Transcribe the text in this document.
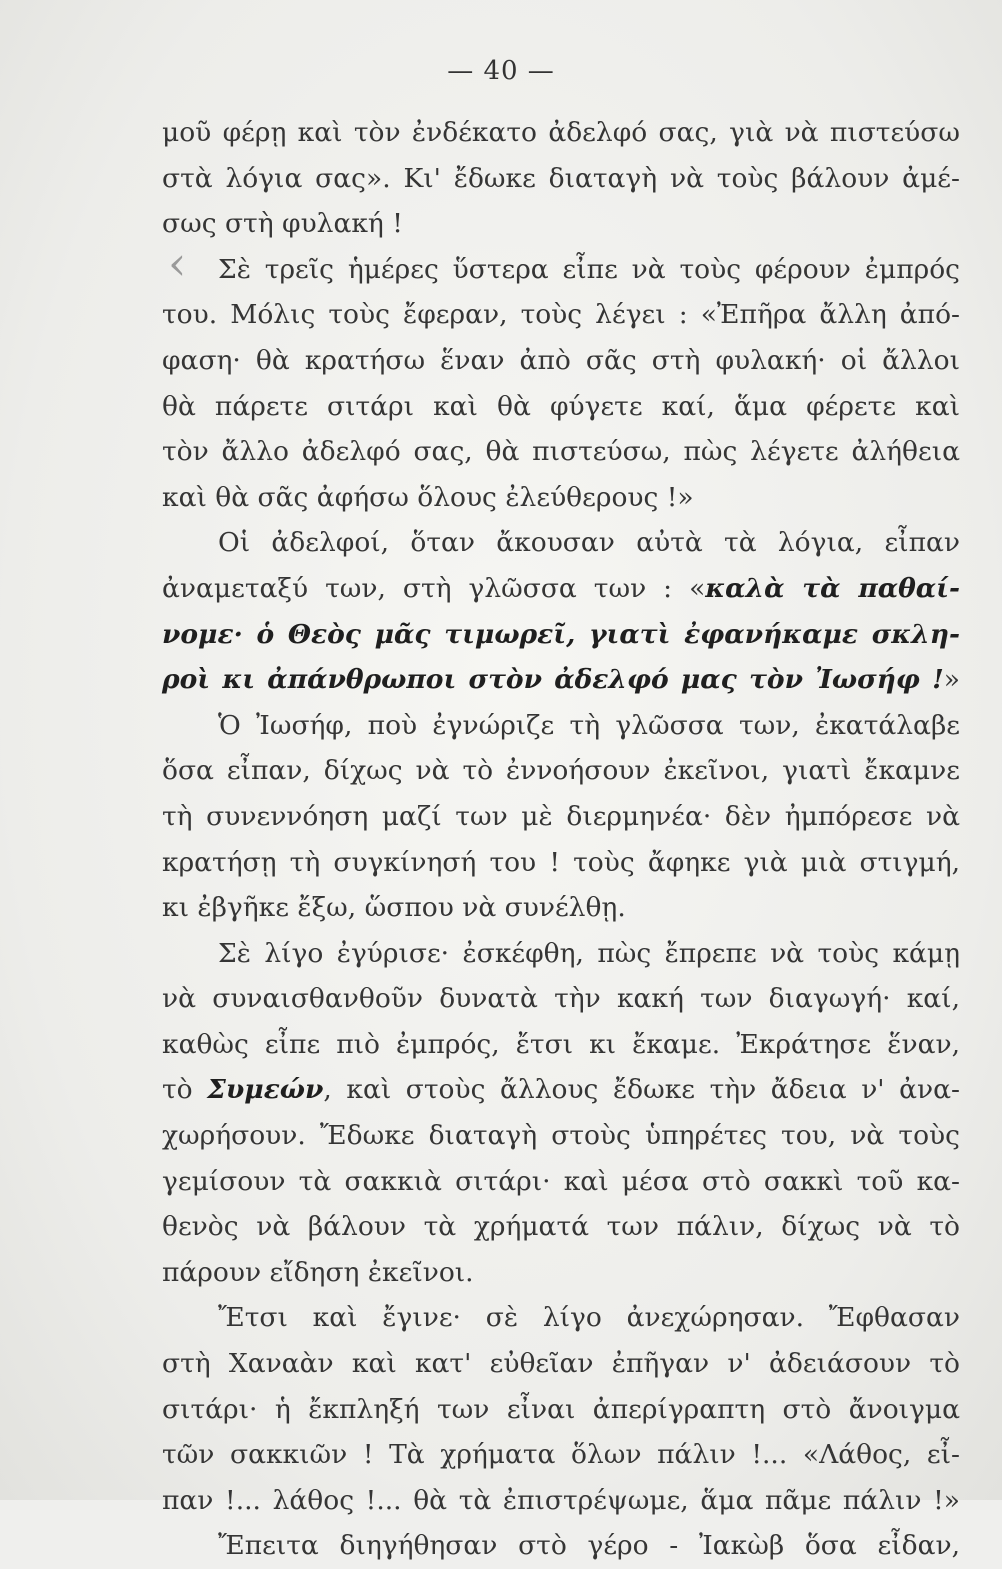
— 40 —
μοῦ φέρῃ καὶ τὸν ἐνδέκατο ἀδελφό σας, γιὰ νὰ πιστεύσω
στὰ λόγια σας». Κι' ἔδωκε διαταγὴ νὰ τοὺς βάλουν ἀμέ-
σως στὴ φυλακή !
Σὲ τρεῖς ἡμέρες ὕστερα εἶπε νὰ τοὺς φέρουν ἐμπρός
του. Μόλις τοὺς ἔφεραν, τοὺς λέγει : «Ἐπῆρα ἄλλη ἀπό-
φαση· θὰ κρατήσω ἕναν ἀπὸ σᾶς στὴ φυλακή· οἱ ἄλλοι
θὰ πάρετε σιτάρι καὶ θὰ φύγετε καί, ἅμα φέρετε καὶ
τὸν ἄλλο ἀδελφό σας, θὰ πιστεύσω, πὼς λέγετε ἀλήθεια
καὶ θὰ σᾶς ἀφήσω ὅλους ἐλεύθερους !»
Οἱ ἀδελφοί, ὅταν ἄκουσαν αὐτὰ τὰ λόγια, εἶπαν
ἀναμεταξύ των, στὴ γλῶσσα των : «καλὰ τὰ παθαί-
νομε· ὁ Θεὸς μᾶς τιμωρεῖ, γιατὶ ἐφανήκαμε σκλη-
ροὶ κι ἀπάνθρωποι στὸν ἀδελφό μας τὸν Ἰωσήφ !»
Ὁ Ἰωσήφ, ποὺ ἐγνώριζε τὴ γλῶσσα των, ἐκατάλαβε
ὅσα εἶπαν, δίχως νὰ τὸ ἐννοήσουν ἐκεῖνοι, γιατὶ ἔκαμνε
τὴ συνεννόηση μαζί των μὲ διερμηνέα· δὲν ἠμπόρεσε νὰ
κρατήσῃ τὴ συγκίνησή του ! τοὺς ἄφηκε γιὰ μιὰ στιγμή,
κι ἐβγῆκε ἔξω, ὥσπου νὰ συνέλθῃ.
Σὲ λίγο ἐγύρισε· ἐσκέφθη, πὼς ἔπρεπε νὰ τοὺς κάμῃ
νὰ συναισθανθοῦν δυνατὰ τὴν κακή των διαγωγή· καί,
καθὼς εἶπε πιὸ ἐμπρός, ἔτσι κι ἔκαμε. Ἐκράτησε ἕναν,
τὸ Συμεών, καὶ στοὺς ἄλλους ἔδωκε τὴν ἄδεια ν' ἀνα-
χωρήσουν. Ἔδωκε διαταγὴ στοὺς ὑπηρέτες του, νὰ τοὺς
γεμίσουν τὰ σακκιὰ σιτάρι· καὶ μέσα στὸ σακκὶ τοῦ κα-
θενὸς νὰ βάλουν τὰ χρήματά των πάλιν, δίχως νὰ τὸ
πάρουν εἴδηση ἐκεῖνοι.
Ἔτσι καὶ ἔγινε· σὲ λίγο ἀνεχώρησαν. Ἔφθασαν
στὴ Χαναὰν καὶ κατ' εὐθεῖαν ἐπῆγαν ν' ἀδειάσουν τὸ
σιτάρι· ἡ ἔκπληξή των εἶναι ἀπερίγραπτη στὸ ἄνοιγμα
τῶν σακκιῶν ! Τὰ χρήματα ὅλων πάλιν !... «Λάθος, εἶ-
παν !... λάθος !... θὰ τὰ ἐπιστρέψωμε, ἅμα πᾶμε πάλιν !»
Ἔπειτα διηγήθησαν στὸ γέρο - Ἰακὼβ ὅσα εἶδαν,
‹
